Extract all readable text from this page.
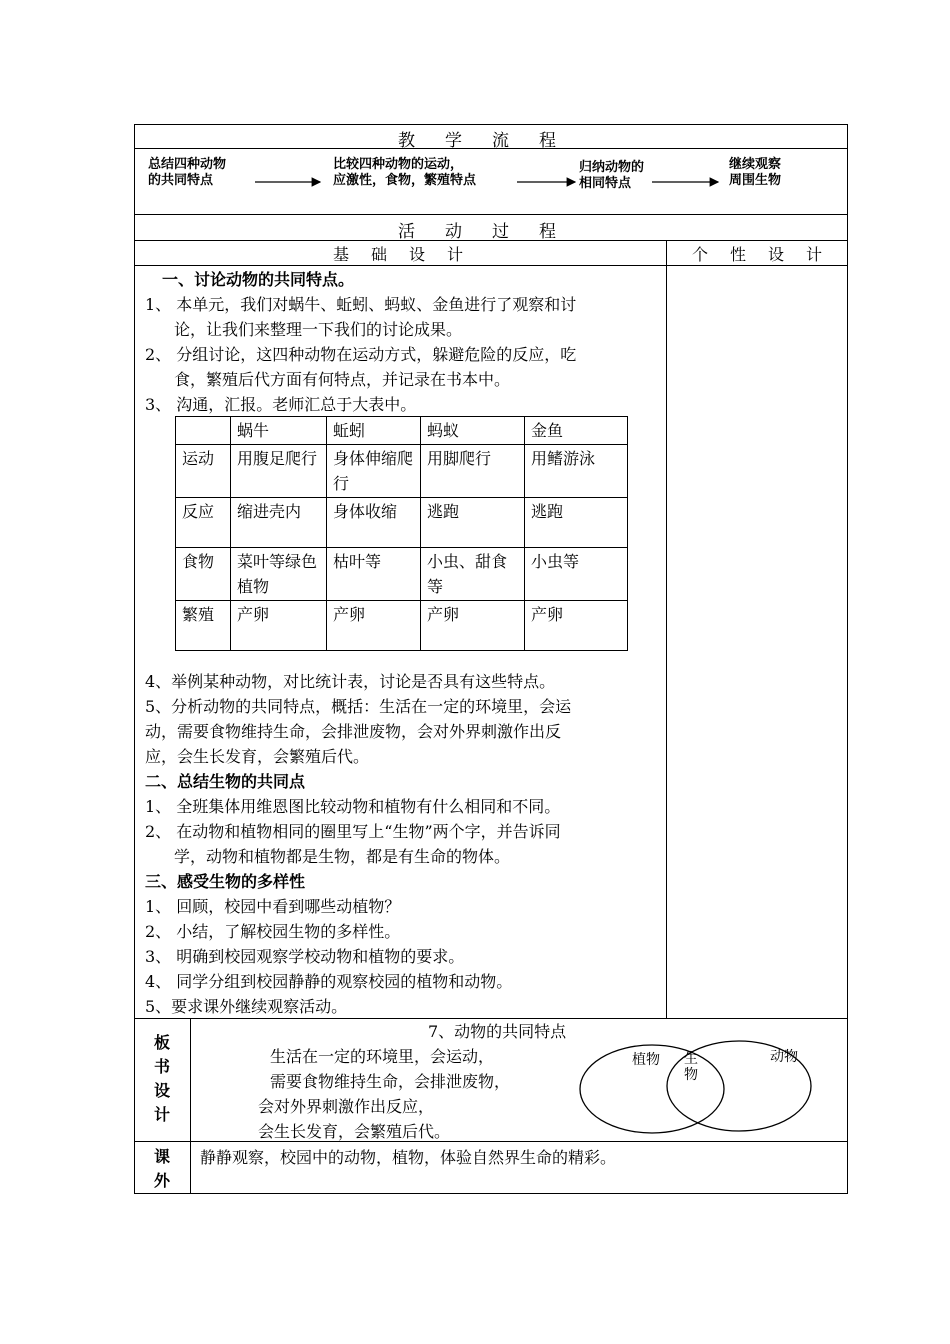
教学流程
活动过程
基础设计	个性设计
总结四种动物
的共同特点
比较四种动物的运动，
应激性，食物，繁殖特点
归纳动物的
相同特点
继续观察
周围生物
一、讨论动物的共同特点。
1、 本单元，我们对蜗牛、蚯蚓、蚂蚁、金鱼进行了观察和讨
论，让我们来整理一下我们的讨论成果。
2、 分组讨论，这四种动物在运动方式，躲避危险的反应，吃
食，繁殖后代方面有何特点，并记录在书本中。
3、 沟通，汇报。老师汇总于大表中。
	蜗牛	蚯蚓	蚂蚁	金鱼
运动	用腹足爬行	身体伸缩爬行	用脚爬行	用鳍游泳
反应	缩进壳内	身体收缩	逃跑	逃跑
食物	菜叶等绿色植物	枯叶等	小虫、甜食等	小虫等
繁殖	产卵	产卵	产卵	产卵
4、举例某种动物，对比统计表，讨论是否具有这些特点。
5、分析动物的共同特点，概括：生活在一定的环境里，会运
动，需要食物维持生命，会排泄废物，会对外界刺激作出反
应，会生长发育，会繁殖后代。
二、总结生物的共同点
1、 全班集体用维恩图比较动物和植物有什么相同和不同。
2、 在动物和植物相同的圈里写上“生物”两个字，并告诉同
学，动物和植物都是生物，都是有生命的物体。
三、感受生物的多样性
1、 回顾，校园中看到哪些动植物？
2、 小结，了解校园生物的多样性。
3、 明确到校园观察学校动物和植物的要求。
4、 同学分组到校园静静的观察校园的植物和动物。
5、要求课外继续观察活动。
板书设计
7、动物的共同特点
生活在一定的环境里，会运动，
需要食物维持生命，会排泄废物，
会对外界刺激作出反应，
会生长发育，会繁殖后代。
植物 生物
动物
课外
静静观察，校园中的动物，植物，体验自然界生命的精彩。
